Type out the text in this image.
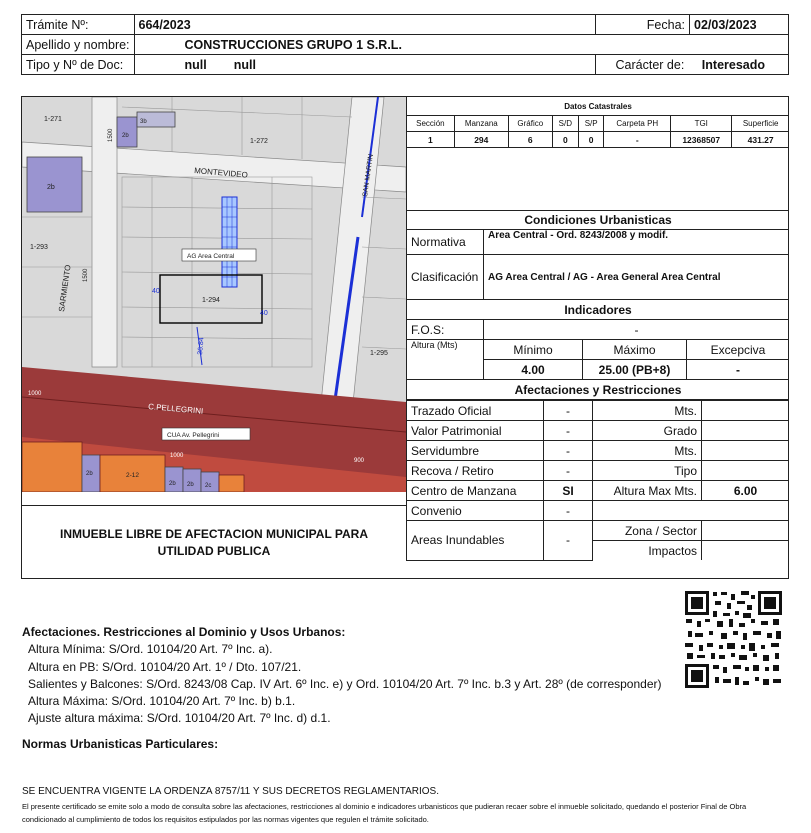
Trámite Nº:	664/2023	Fecha:	02/03/2023
Apellido y nombre:	CONSTRUCCIONES GRUPO 1 S.R.L.		
Tipo y Nº de Doc:	null null	Carácter de: Interesado	
1-271
1-272
1-293
1-294
1-295
MONTEVIDEO	SAN MARTIN
SARMIENTO
C.PELLEGRINI
AG Area Central
CUA Av. Pellegrini
40
40
36.84
1500
1500
1000
1000
900
2-12
2b
2b
2b
3b
2b 2b 2c
Datos Catastrales							
Sección	Manzana	Gráfico	S/D	S/P	Carpeta PH	TGI	Superficie
1	294	6	0	0	-	12368507	431.27

Condiciones Urbanisticas			
Normativa	Area Central - Ord. 8243/2008 y modif.		
Clasificación	AG Area Central / AG - Area General Area Central		
Indicadores			
F.O.S:	-		
Altura (Mts)	Mínimo	Máximo	Excepciva
	4.00	25.00 (PB+8)	-
Afectaciones y Restricciones			
Trazado Oficial	-	Mts.	
Valor Patrimonial	-	Grado	
Servidumbre	-	Mts.	
Recova / Retiro	-	Tipo	
Centro de Manzana	SI	Altura Max Mts.	6.00
Convenio	-		
Areas Inundables	-	Zona / Sector	
		Impactos	
INMUEBLE LIBRE DE AFECTACION MUNICIPAL PARA UTILIDAD PUBLICA
Afectaciones. Restricciones al Dominio y Usos Urbanos:
Altura Mínima: S/Ord. 10104/20 Art. 7º Inc. a).
Altura en PB: S/Ord. 10104/20 Art. 1º / Dto. 107/21.
Salientes y Balcones: S/Ord. 8243/08 Cap. IV Art. 6º Inc. e) y Ord. 10104/20 Art. 7º Inc. b.3 y Art. 28º (de corresponder)
Altura Máxima: S/Ord. 10104/20 Art. 7º Inc. b) b.1.
Ajuste altura máxima: S/Ord. 10104/20 Art. 7º Inc. d) d.1.
Normas Urbanisticas Particulares:
SE ENCUENTRA VIGENTE LA ORDENZA 8757/11 Y SUS DECRETOS REGLAMENTARIOS.
El presente certificado se emite solo a modo de consulta sobre las afectaciones, restricciones al dominio e indicadores urbanisticos que pudieran recaer sobre el inmueble solicitado, quedando el posterior Final de Obra condicionado al cumplimiento de todos los requisitos estipulados por las normas vigentes que regulen el trámite solicitado.
